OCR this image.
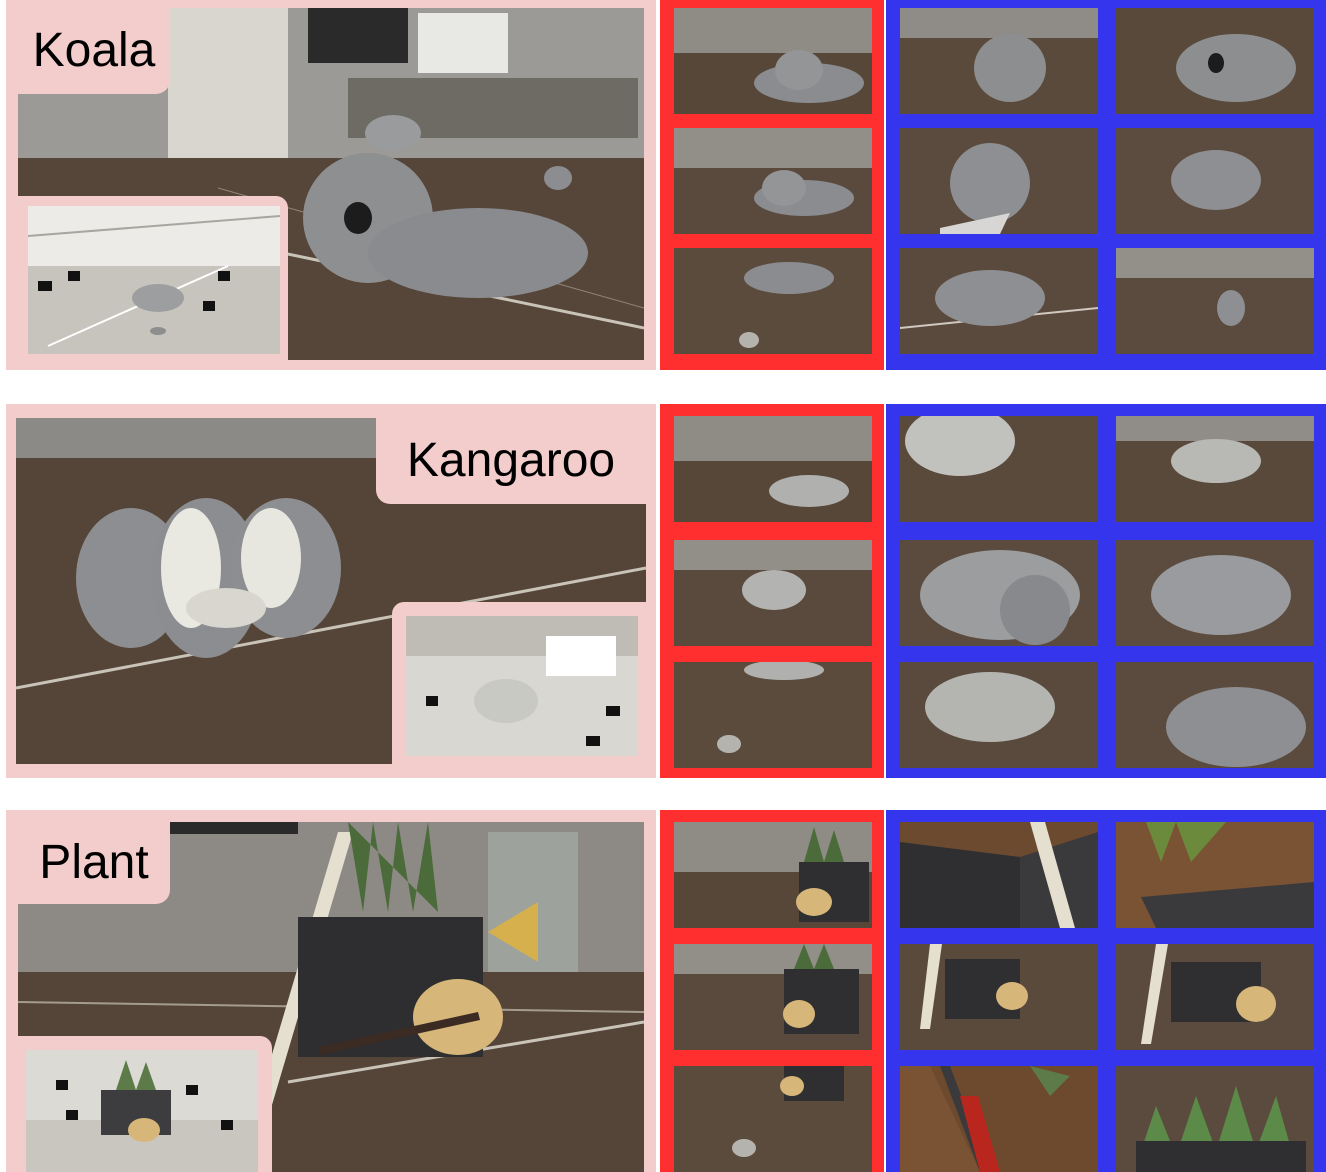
Koala
Kangaroo
Plant
